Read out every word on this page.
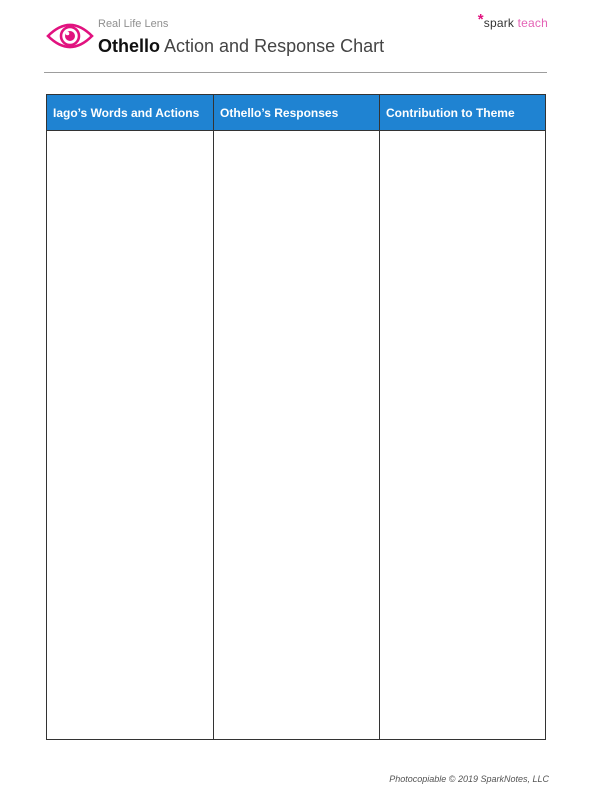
Real Life Lens
Othello Action and Response Chart
*spark teach
Iago’s Words and Actions	Othello’s Responses	Contribution to Theme
Photocopiable © 2019 SparkNotes, LLC
